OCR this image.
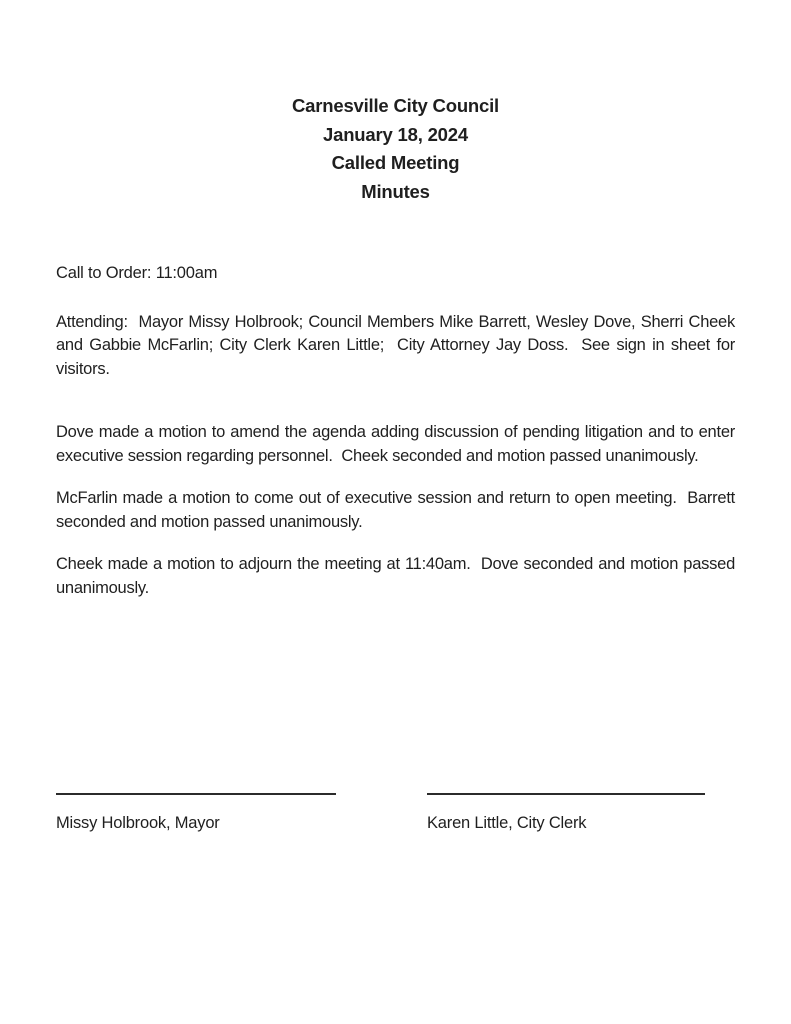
Carnesville City Council
January 18, 2024
Called Meeting
Minutes
Call to Order: 11:00am

Attending:  Mayor Missy Holbrook; Council Members Mike Barrett, Wesley Dove, Sherri Cheek and Gabbie McFarlin; City Clerk Karen Little;  City Attorney Jay Doss.  See sign in sheet for visitors.

Dove made a motion to amend the agenda adding discussion of pending litigation and to enter executive session regarding personnel.  Cheek seconded and motion passed unanimously.

McFarlin made a motion to come out of executive session and return to open meeting.  Barrett seconded and motion passed unanimously.

Cheek made a motion to adjourn the meeting at 11:40am.  Dove seconded and motion passed unanimously.

Missy Holbrook, Mayor	Karen Little, City Clerk
